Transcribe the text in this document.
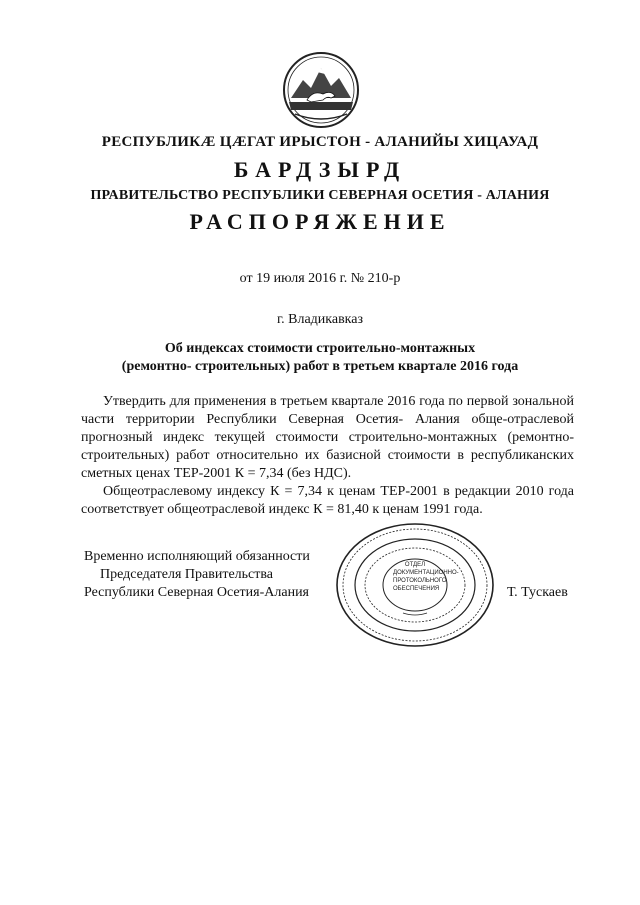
РЕСПУБЛИКÆ ЦÆГАТ ИРЫСТОН - АЛАНИЙЫ ХИЦАУАД
БАРДЗЫРД
ПРАВИТЕЛЬСТВО РЕСПУБЛИКИ СЕВЕРНАЯ ОСЕТИЯ - АЛАНИЯ
РАСПОРЯЖЕНИЕ
от 19 июля 2016 г. № 210-р
г. Владикавказ
Об индексах стоимости строительно-монтажных
(ремонтно- строительных) работ в третьем квартале 2016 года

Утвердить для применения в третьем квартале 2016 года по первой зональной части территории Республики Северная Осетия- Алания обще-отраслевой прогнозный индекс текущей стоимости строительно-монтажных (ремонтно-строительных) работ относительно их базисной стоимости в республиканских сметных ценах ТЕР-2001 К = 7,34 (без НДС).

Общеотраслевому индексу К = 7,34 к ценам ТЕР-2001 в редакции 2010 года соответствует общеотраслевой индекс К = 81,40 к ценам 1991 года.

Временно исполняющий обязанности
Председателя Правительства
Республики Северная Осетия-Алания	Т. Тускаев
ОТДЕЛ
ДОКУМЕНТАЦИОННО-
ПРОТОКОЛЬНОГО
ОБЕСПЕЧЕНИЯ
